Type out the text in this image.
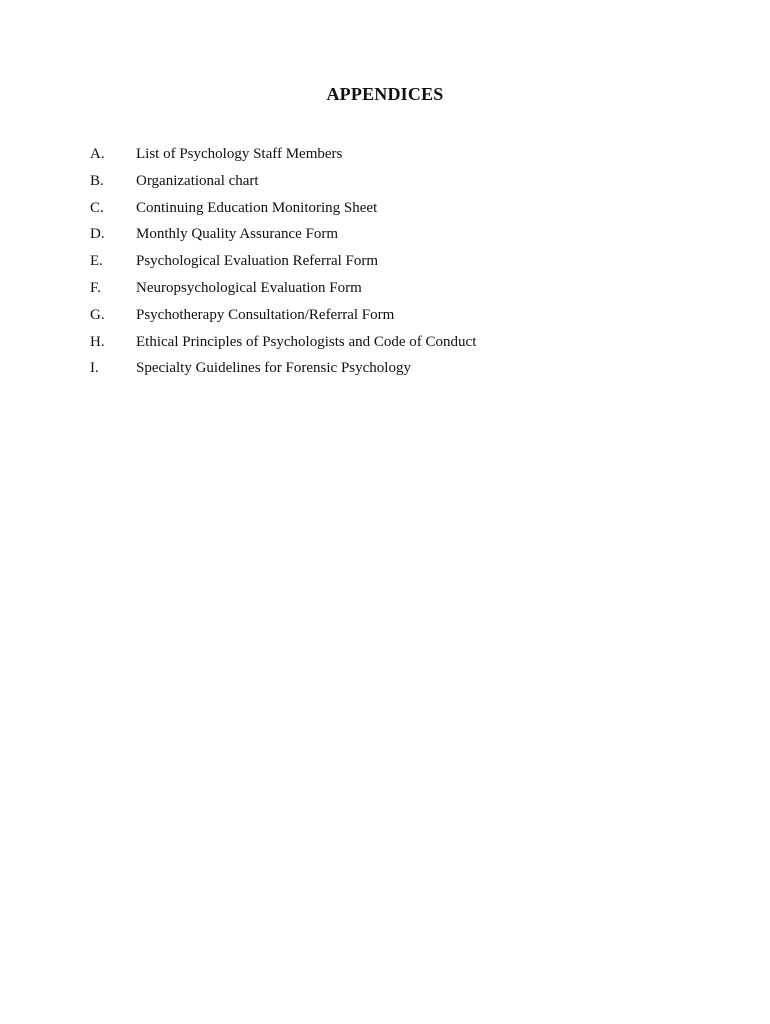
APPENDICES
A.	List of Psychology Staff Members
B.	Organizational chart
C.	Continuing Education Monitoring Sheet
D.	Monthly Quality Assurance Form
E.	Psychological Evaluation Referral Form
F.	Neuropsychological Evaluation Form
G.	Psychotherapy Consultation/Referral Form
H.	Ethical Principles of Psychologists and Code of Conduct
I.	Specialty Guidelines for Forensic Psychology
